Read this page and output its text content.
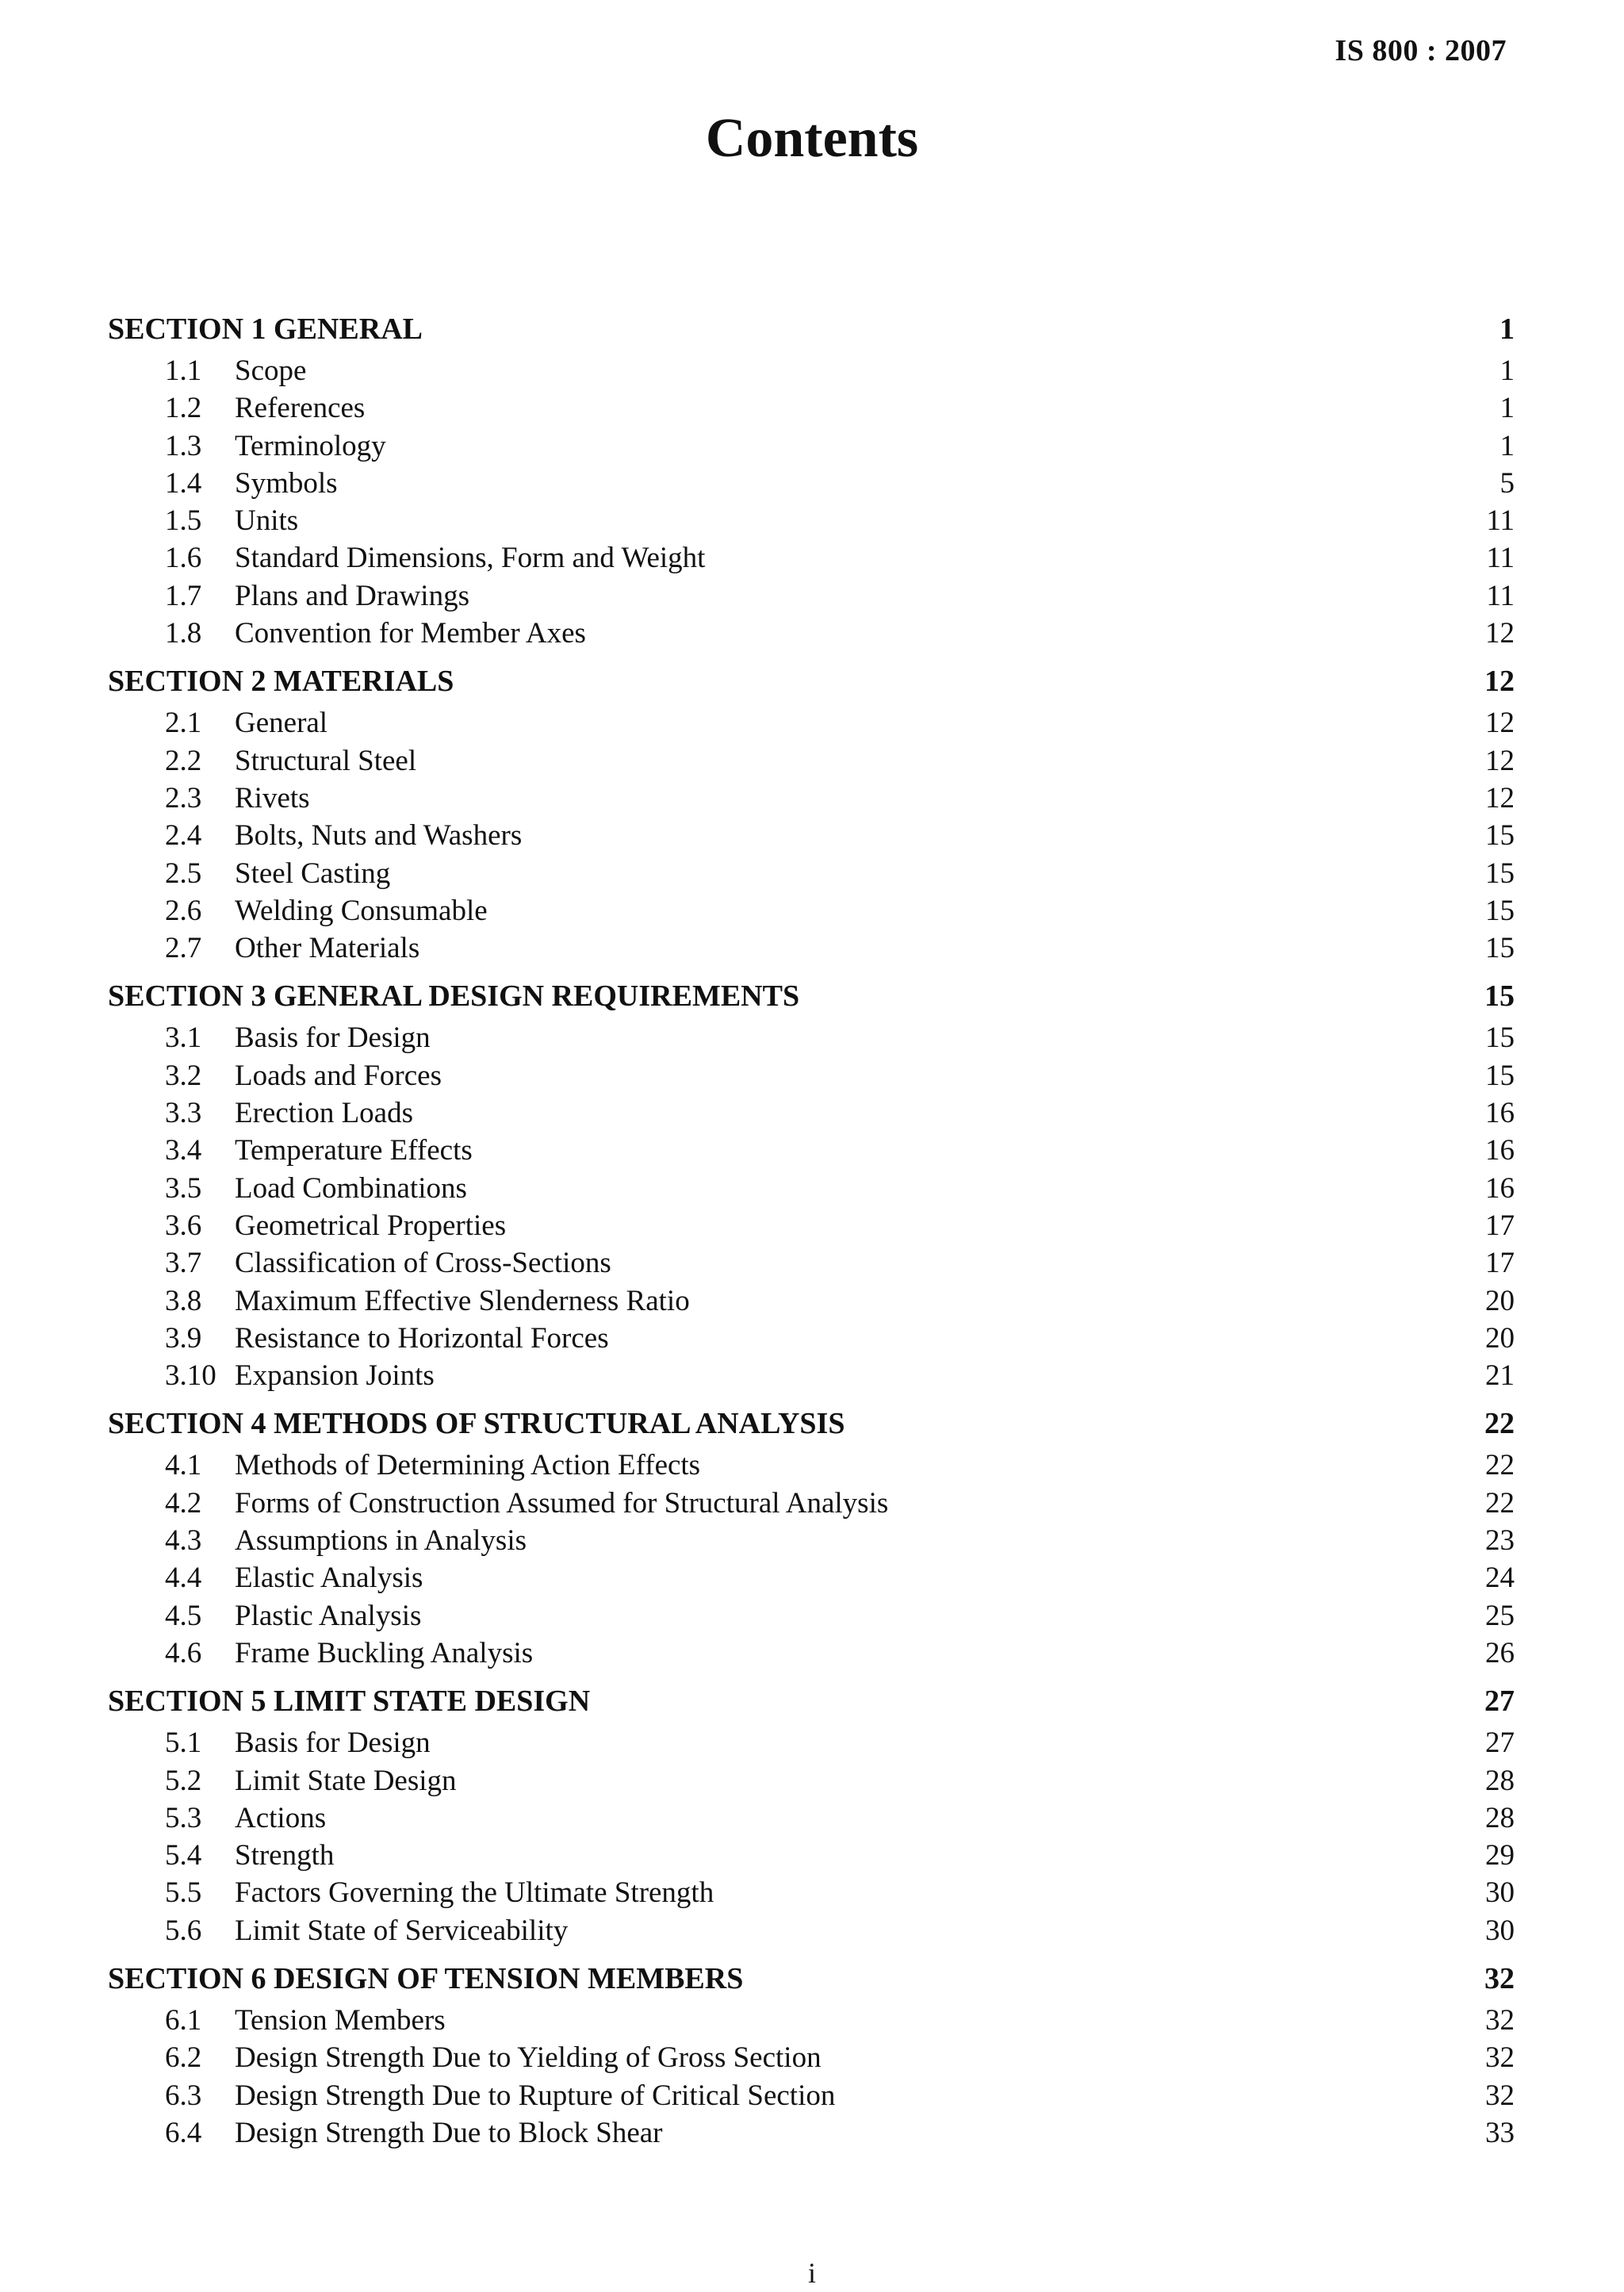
IS 800 : 2007
Contents
SECTION 1 GENERAL	1
1.1	Scope	1
1.2	References	1
1.3	Terminology	1
1.4	Symbols	5
1.5	Units	11
1.6	Standard Dimensions, Form and Weight	11
1.7	Plans and Drawings	11
1.8	Convention for Member Axes	12
SECTION 2 MATERIALS	12
2.1	General	12
2.2	Structural Steel	12
2.3	Rivets	12
2.4	Bolts, Nuts and Washers	15
2.5	Steel Casting	15
2.6	Welding Consumable	15
2.7	Other Materials	15
SECTION 3 GENERAL DESIGN REQUIREMENTS	15
3.1	Basis for Design	15
3.2	Loads and Forces	15
3.3	Erection Loads	16
3.4	Temperature Effects	16
3.5	Load Combinations	16
3.6	Geometrical Properties	17
3.7	Classification of Cross-Sections	17
3.8	Maximum Effective Slenderness Ratio	20
3.9	Resistance to Horizontal Forces	20
3.10 Expansion Joints	21
SECTION 4 METHODS OF STRUCTURAL ANALYSIS	22
4.1	Methods of Determining Action Effects	22
4.2	Forms of Construction Assumed for Structural Analysis	22
4.3	Assumptions in Analysis	23
4.4	Elastic Analysis	24
4.5	Plastic Analysis	25
4.6	Frame Buckling Analysis	26
SECTION 5 LIMIT STATE DESIGN	27
5.1	Basis for Design	27
5.2	Limit State Design	28
5.3	Actions	28
5.4	Strength	29
5.5	Factors Governing the Ultimate Strength	30
5.6	Limit State of Serviceability	30
SECTION 6 DESIGN OF TENSION MEMBERS	32
6.1	Tension Members	32
6.2	Design Strength Due to Yielding of Gross Section	32
6.3	Design Strength Due to Rupture of Critical Section	32
6.4	Design Strength Due to Block Shear	33
i
